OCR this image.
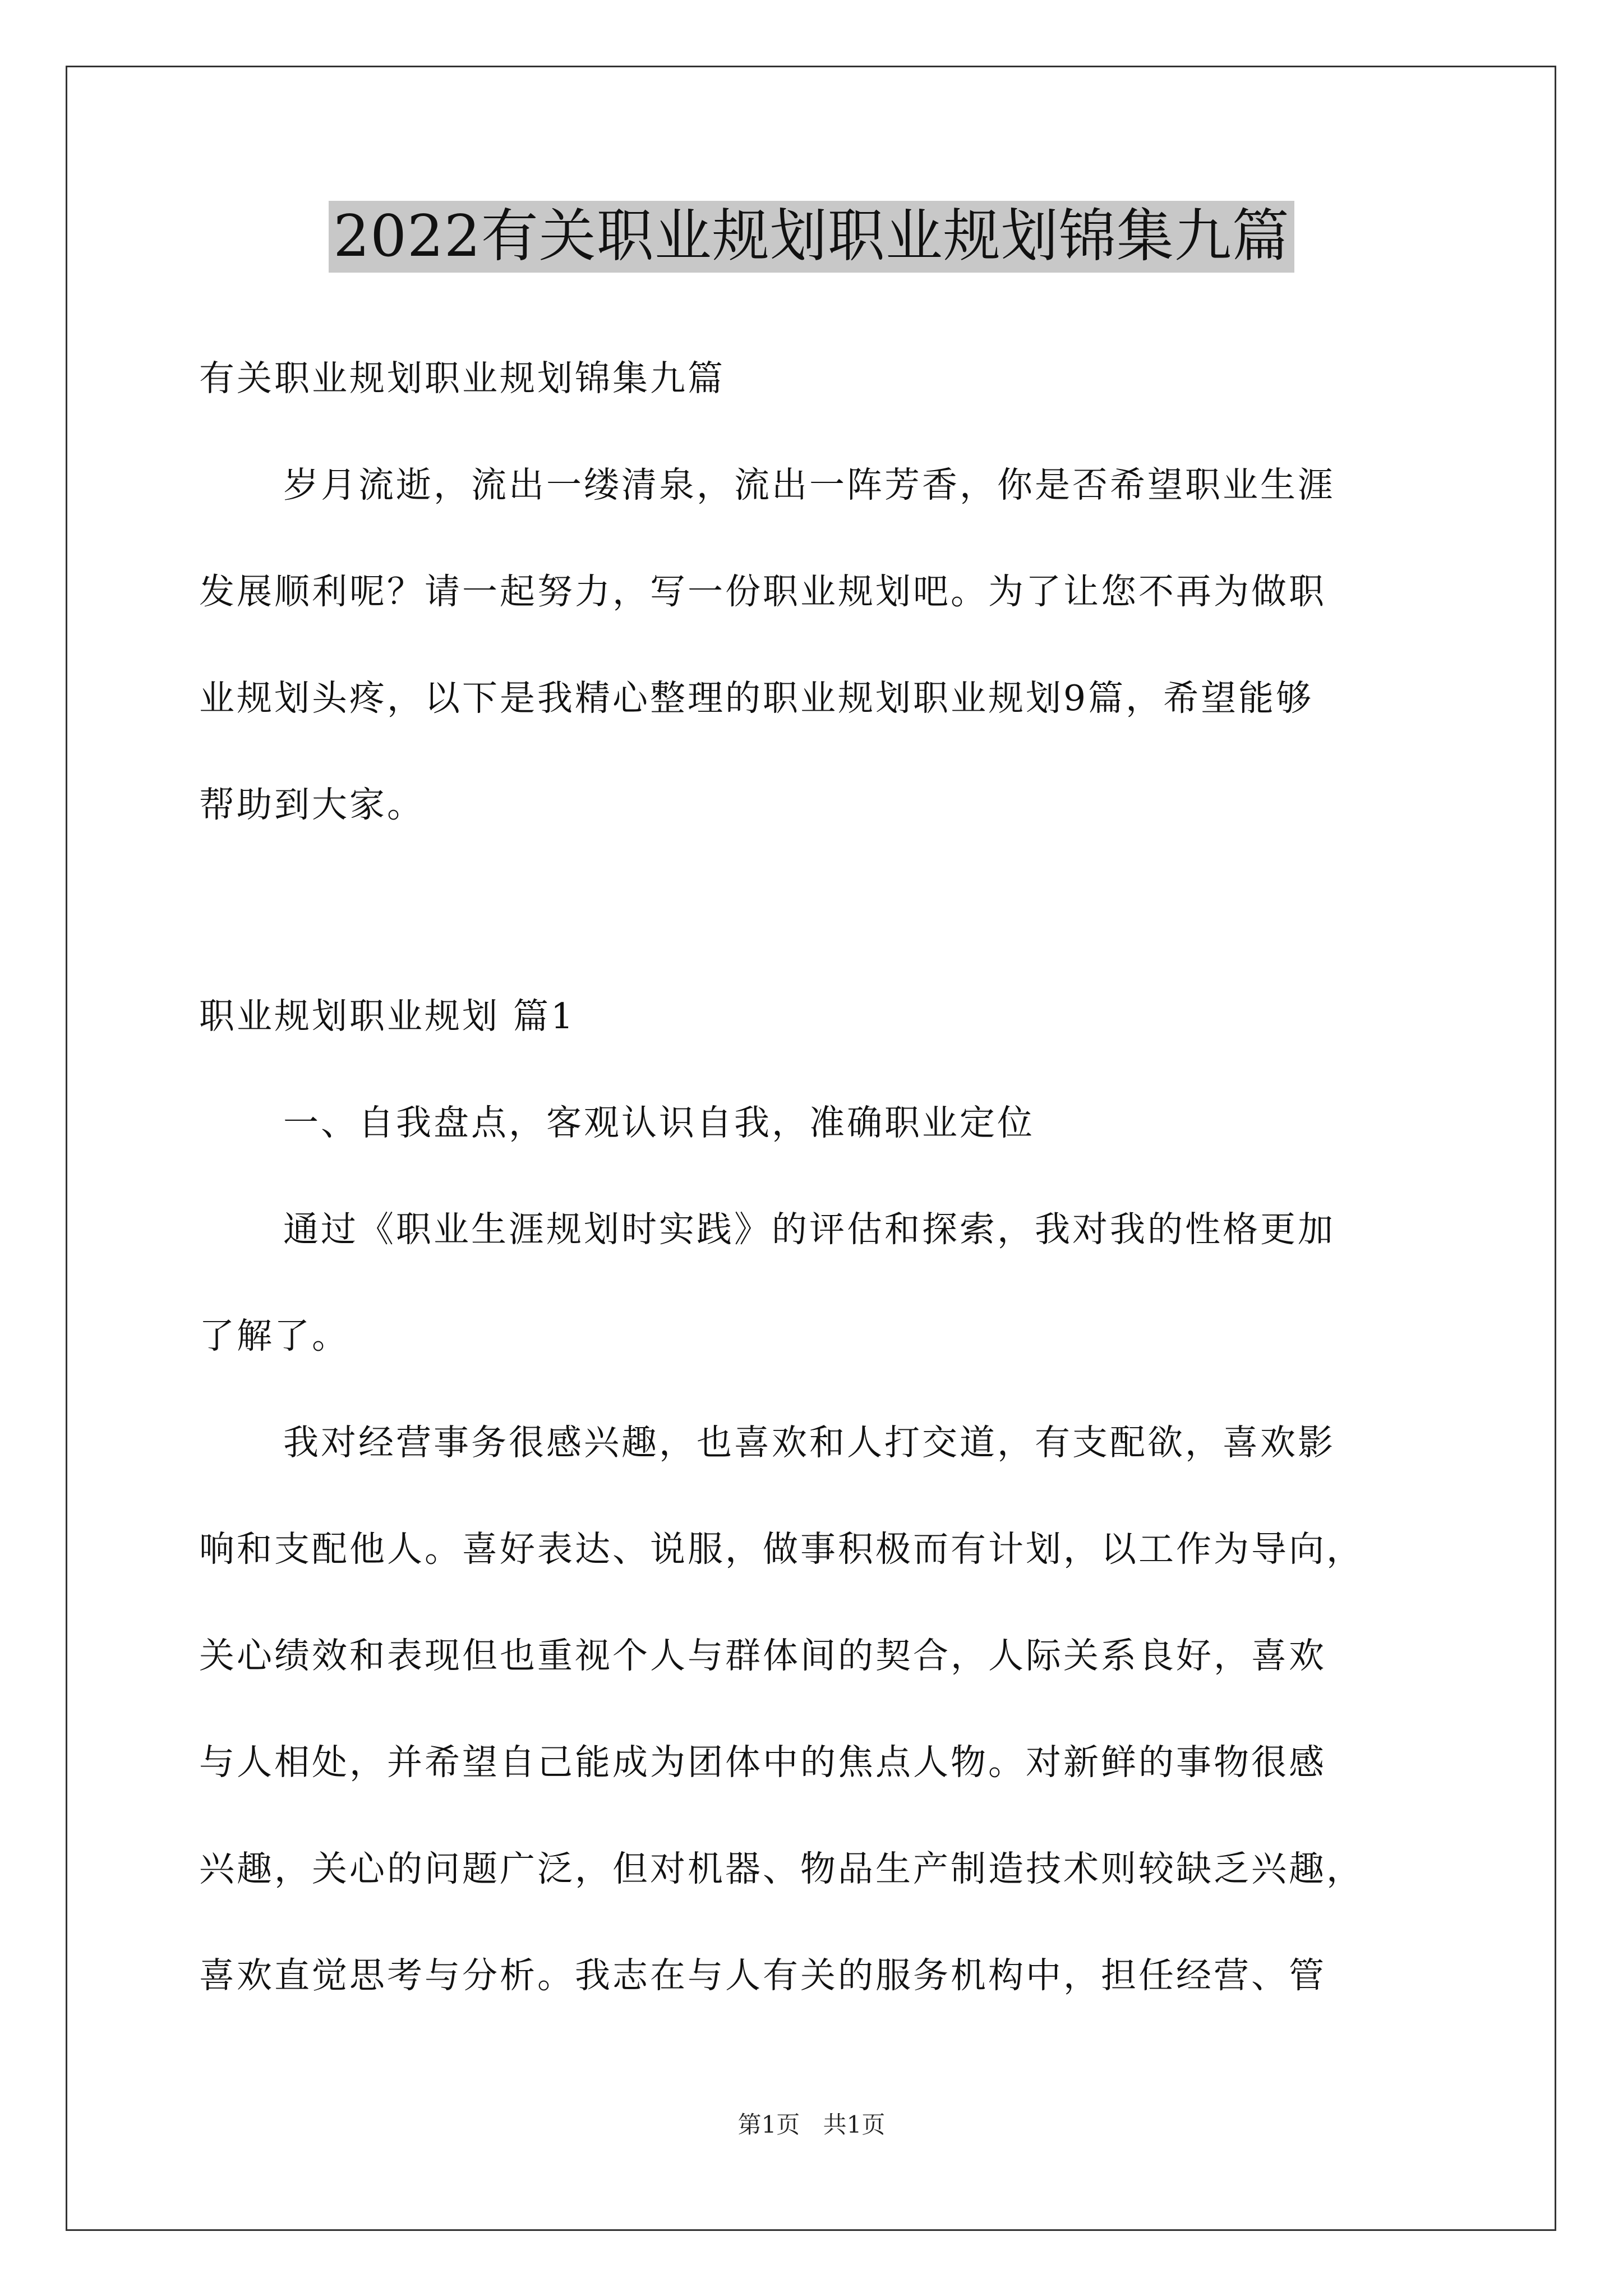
2022有关职业规划职业规划锦集九篇
有关职业规划职业规划锦集九篇
岁月流逝，流出一缕清泉，流出一阵芳香，你是否希望职业生涯
发展顺利呢？请一起努力，写一份职业规划吧。为了让您不再为做职
业规划头疼，以下是我精心整理的职业规划职业规划9篇，希望能够
帮助到大家。
职业规划职业规划 篇1
一、自我盘点，客观认识自我，准确职业定位
通过《职业生涯规划时实践》的评估和探索，我对我的性格更加
了解了。
我对经营事务很感兴趣，也喜欢和人打交道，有支配欲，喜欢影
响和支配他人。喜好表达、说服，做事积极而有计划，以工作为导向，
关心绩效和表现但也重视个人与群体间的契合，人际关系良好，喜欢
与人相处，并希望自己能成为团体中的焦点人物。对新鲜的事物很感
兴趣，关心的问题广泛，但对机器、物品生产制造技术则较缺乏兴趣，
喜欢直觉思考与分析。我志在与人有关的服务机构中，担任经营、管
第1页 共1页
